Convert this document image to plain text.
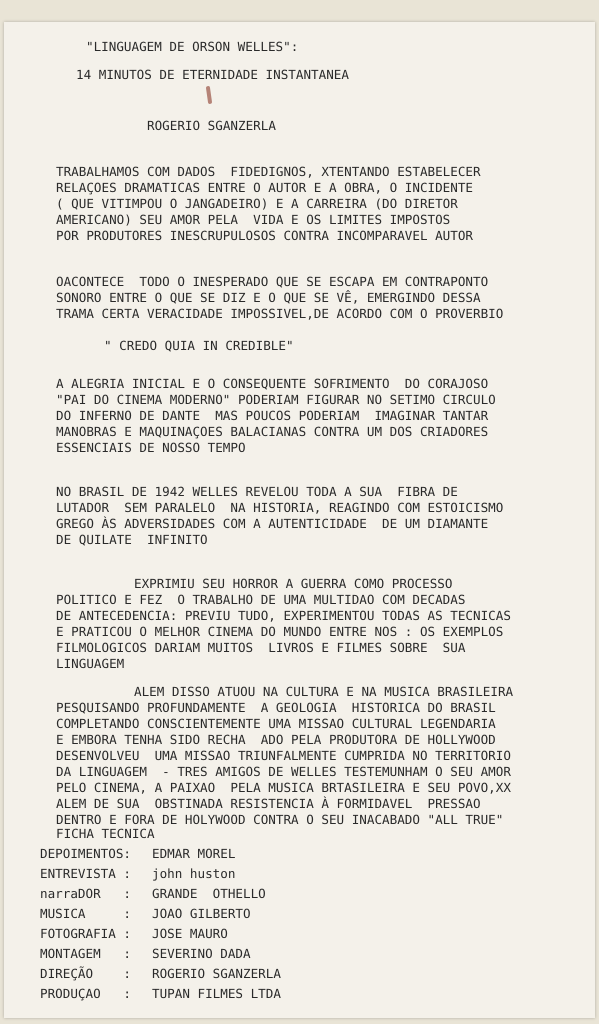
"LINGUAGEM DE ORSON WELLES":
14 MINUTOS DE ETERNIDADE INSTANTANEA
ROGERIO SGANZERLA
TRABALHAMOS COM DADOS  FIDEDIGNOS, XTENTANDO ESTABELECER
RELAÇOES DRAMATICAS ENTRE O AUTOR E A OBRA, O INCIDENTE
( QUE VITIMPOU O JANGADEIRO) E A CARREIRA (DO DIRETOR
AMERICANO) SEU AMOR PELA  VIDA E OS LIMITES IMPOSTOS
POR PRODUTORES INESCRUPULOSOS CONTRA INCOMPARAVEL AUTOR
OACONTECE  TODO O INESPERADO QUE SE ESCAPA EM CONTRAPONTO
SONORO ENTRE O QUE SE DIZ E O QUE SE VÊ, EMERGINDO DESSA
TRAMA CERTA VERACIDADE IMPOSSIVEL,DE ACORDO COM O PROVERBIO
" CREDO QUIA IN CREDIBLE"
A ALEGRIA INICIAL E O CONSEQUENTE SOFRIMENTO  DO CORAJOSO
"PAI DO CINEMA MODERNO" PODERIAM FIGURAR NO SETIMO CIRCULO
DO INFERNO DE DANTE  MAS POUCOS PODERIAM  IMAGINAR TANTAR
MANOBRAS E MAQUINAÇOES BALACIANAS CONTRA UM DOS CRIADORES
ESSENCIAIS DE NOSSO TEMPO
NO BRASIL DE 1942 WELLES REVELOU TODA A SUA  FIBRA DE
LUTADOR  SEM PARALELO  NA HISTORIA, REAGINDO COM ESTOICISMO
GREGO ÀS ADVERSIDADES COM A AUTENTICIDADE  DE UM DIAMANTE
DE QUILATE  INFINITO
EXPRIMIU SEU HORROR A GUERRA COMO PROCESSO
POLITICO E FEZ  O TRABALHO DE UMA MULTIDAO COM DECADAS
DE ANTECEDENCIA: PREVIU TUDO, EXPERIMENTOU TODAS AS TECNICAS
E PRATICOU O MELHOR CINEMA DO MUNDO ENTRE NOS : OS EXEMPLOS
FILMOLOGICOS DARIAM MUITOS  LIVROS E FILMES SOBRE  SUA
LINGUAGEM
ALEM DISSO ATUOU NA CULTURA E NA MUSICA BRASILEIRA
PESQUISANDO PROFUNDAMENTE  A GEOLOGIA  HISTORICA DO BRASIL
COMPLETANDO CONSCIENTEMENTE UMA MISSAO CULTURAL LEGENDARIA
E EMBORA TENHA SIDO RECHA  ADO PELA PRODUTORA DE HOLLYWOOD
DESENVOLVEU  UMA MISSAO TRIUNFALMENTE CUMPRIDA NO TERRITORIO
DA LINGUAGEM  - TRES AMIGOS DE WELLES TESTEMUNHAM O SEU AMOR
PELO CINEMA, A PAIXAO  PELA MUSICA BRTASILEIRA E SEU POVO,XX
ALEM DE SUA  OBSTINADA RESISTENCIA À FORMIDAVEL  PRESSAO
DENTRO E FORA DE HOLYWOOD CONTRA O SEU INACABADO "ALL TRUE"
FICHA TECNICA
DEPOIMENTOS: EDMAR MOREL
ENTREVISTA : john huston
narraDOR   : GRANDE  OTHELLO
MUSICA     : JOAO GILBERTO
FOTOGRAFIA : JOSE MAURO
MONTAGEM   : SEVERINO DADA
DIREÇÃO    : ROGERIO SGANZERLA
PRODUÇAO   : TUPAN FILMES LTDA
